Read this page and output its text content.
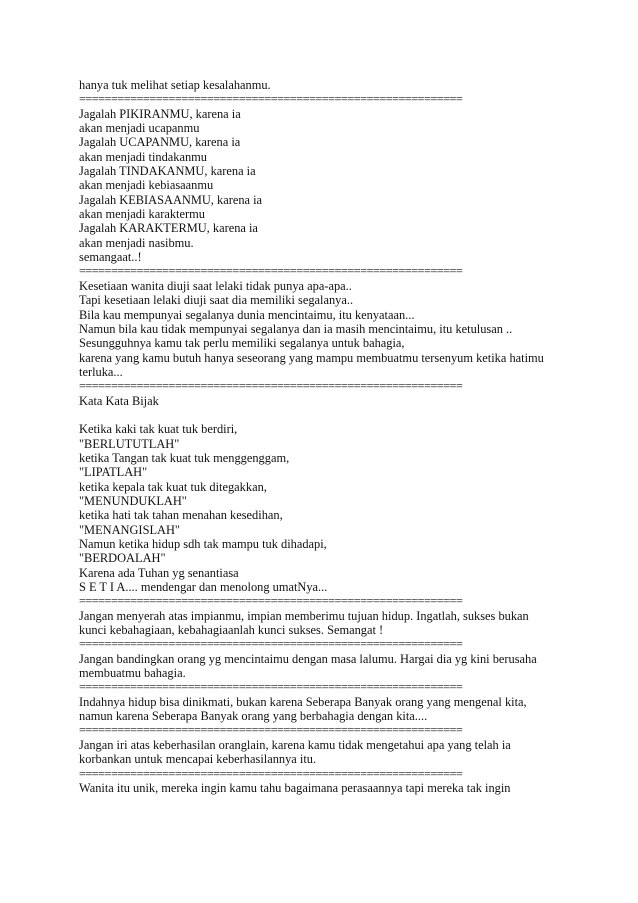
hanya tuk melihat setiap kesalahanmu.
============================================================
Jagalah PIKIRANMU, karena ia
akan menjadi ucapanmu
Jagalah UCAPANMU, karena ia
akan menjadi tindakanmu
Jagalah TINDAKANMU, karena ia
akan menjadi kebiasaanmu
Jagalah KEBIASAANMU, karena ia
akan menjadi karaktermu
Jagalah KARAKTERMU, karena ia
akan menjadi nasibmu.
semangaat..!
============================================================
Kesetiaan wanita diuji saat lelaki tidak punya apa-apa..
Tapi kesetiaan lelaki diuji saat dia memiliki segalanya..
Bila kau mempunyai segalanya dunia mencintaimu, itu kenyataan...
Namun bila kau tidak mempunyai segalanya dan ia masih mencintaimu, itu ketulusan ..
Sesungguhnya kamu tak perlu memiliki segalanya untuk bahagia,
karena yang kamu butuh hanya seseorang yang mampu membuatmu tersenyum ketika hatimu
terluka...
============================================================
Kata Kata Bijak
Ketika kaki tak kuat tuk berdiri,
"BERLUTUTLAH"
ketika Tangan tak kuat tuk menggenggam,
"LIPATLAH"
ketika kepala tak kuat tuk ditegakkan,
"MENUNDUKLAH"
ketika hati tak tahan menahan kesedihan,
"MENANGISLAH"
Namun ketika hidup sdh tak mampu tuk dihadapi,
"BERDOALAH"
Karena ada Tuhan yg senantiasa
S E T I A.... mendengar dan menolong umatNya...
============================================================
Jangan menyerah atas impianmu, impian memberimu tujuan hidup. Ingatlah, sukses bukan
kunci kebahagiaan, kebahagiaanlah kunci sukses. Semangat !
============================================================
Jangan bandingkan orang yg mencintaimu dengan masa lalumu. Hargai dia yg kini berusaha
membuatmu bahagia.
============================================================
Indahnya hidup bisa dinikmati, bukan karena Seberapa Banyak orang yang mengenal kita,
namun karena Seberapa Banyak orang yang berbahagia dengan kita....
============================================================
Jangan iri atas keberhasilan oranglain, karena kamu tidak mengetahui apa yang telah ia
korbankan untuk mencapai keberhasilannya itu.
============================================================
Wanita itu unik, mereka ingin kamu tahu bagaimana perasaannya tapi mereka tak ingin
